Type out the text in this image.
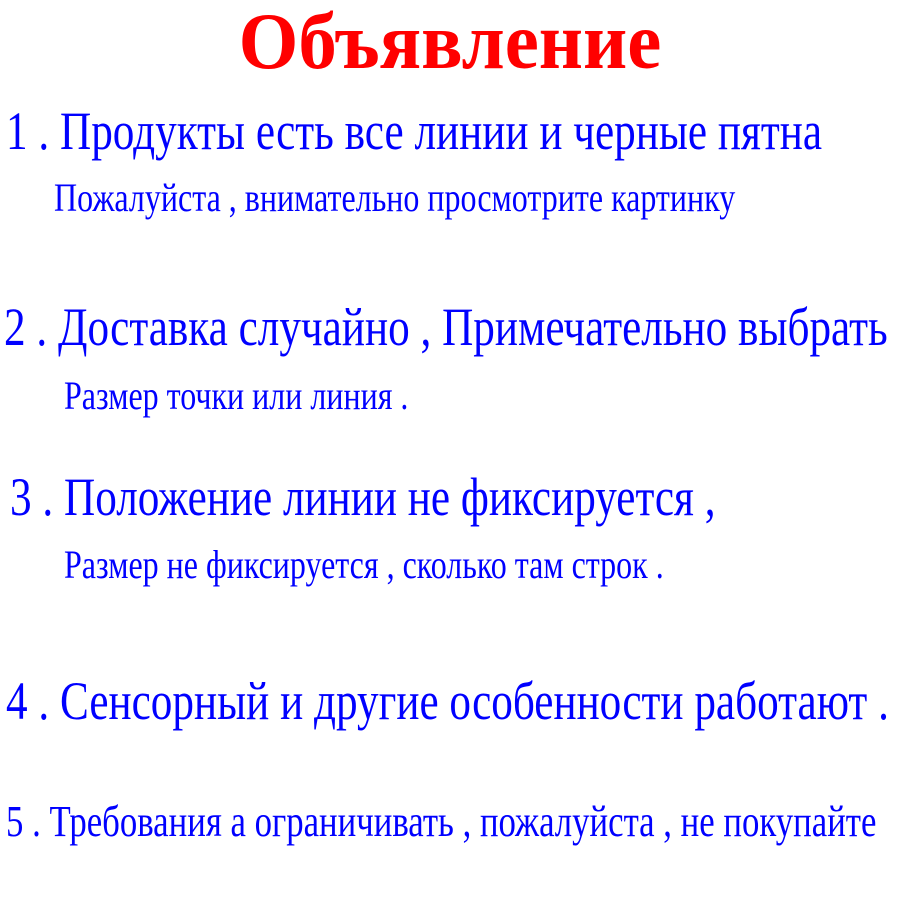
Объявление
1 . Продукты есть все линии и черные пятна
Пожалуйста , внимательно просмотрите картинку
2 . Доставка случайно , Примечательно выбрать
Размер точки или линия .
3 . Положение линии не фиксируется ,
Размер не фиксируется , сколько там строк .
4 . Сенсорный и другие особенности работают .
5 . Требования а ограничивать , пожалуйста , не покупайте
